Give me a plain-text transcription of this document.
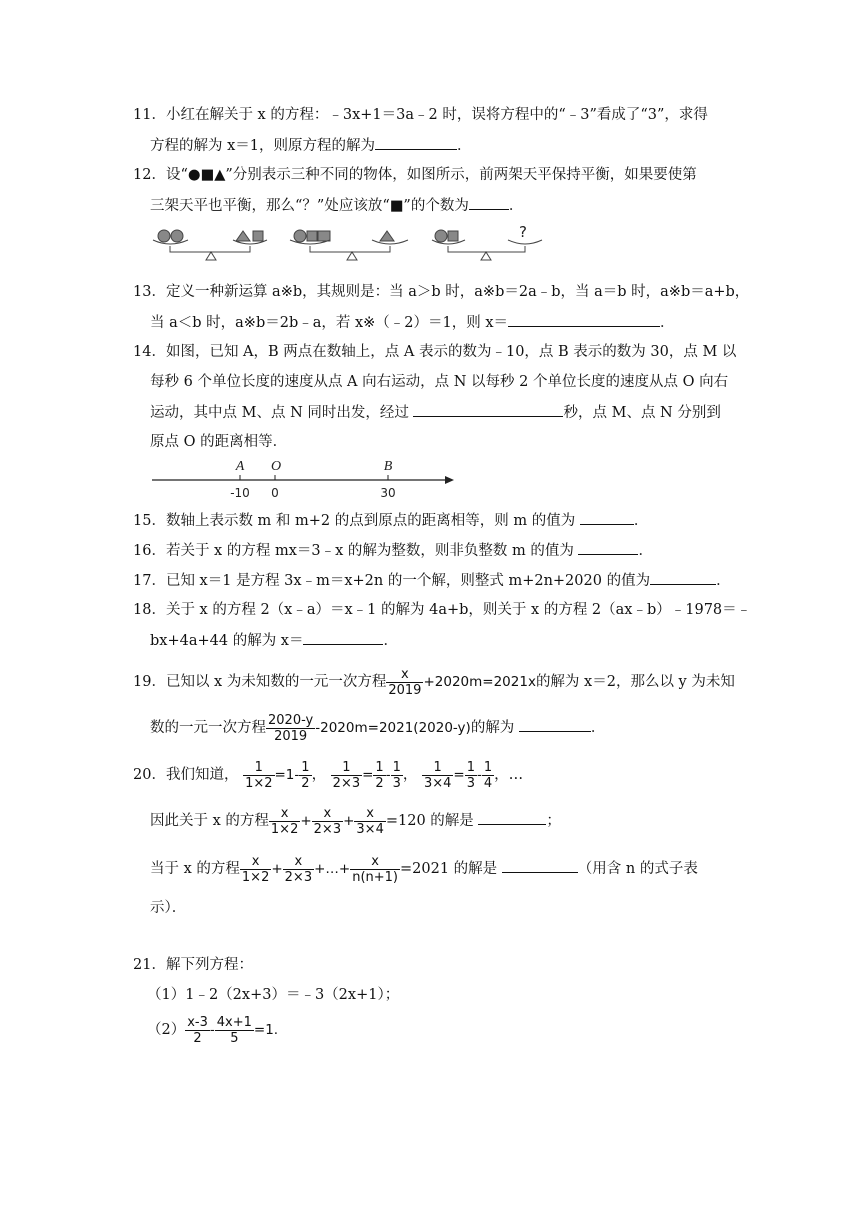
11．小红在解关于 x 的方程：﹣3x+1＝3a﹣2 时，误将方程中的“﹣3”看成了“3”，求得
方程的解为 x＝1，则原方程的解为	．
12．设“●■▲”分别表示三种不同的物体，如图所示，前两架天平保持平衡，如果要使第
三架天平也平衡，那么“？”处应该放“■”的个数为	．
?
13．定义一种新运算 a※b，其规则是：当 a＞b 时，a※b＝2a﹣b，当 a＝b 时，a※b＝a+b，
当 a＜b 时，a※b＝2b﹣a，若 x※（﹣2）＝1，则 x＝	．
14．如图，已知 A，B 两点在数轴上，点 A 表示的数为﹣10，点 B 表示的数为 30，点 M 以
每秒 6 个单位长度的速度从点 A 向右运动，点 N 以每秒 2 个单位长度的速度从点 O 向右
运动，其中点 M、点 N 同时出发，经过	秒，点 M、点 N 分别到
原点 O 的距离相等．
A O	B
-10 0	30
15．数轴上表示数 m 和 m+2 的点到原点的距离相等，则 m 的值为	．
16．若关于 x 的方程 mx＝3﹣x 的解为整数，则非负整数 m 的值为	．
17．已知 x＝1 是方程 3x﹣m＝x+2n 的一个解，则整式 m+2n+2020 的值为	．
18．关于 x 的方程 2（x﹣a）＝x﹣1 的解为 4a+b，则关于 x 的方程 2（ax﹣b）﹣1978＝﹣
bx+4a+44 的解为 x＝	．
19．已知以 x 为未知数的一元一次方程 $\frac{x}{2019} +2020m=2021x$的解为 x＝2，那么以 y 为未知
数的一元一次方程 $\frac{2020-y}{2019} -2020m=2021(2020-y)$的解为	．
20．我们知道， $\frac{1}{1\times 2} =1- \frac{1}{2}$ ， $\frac{1}{2\times 3} = \frac{1}{2} - \frac{1}{3}$ ， $\frac{1}{3\times 4} = \frac{1}{3} - \frac{1}{4}$ ，…
因此关于 x 的方程 $\frac{x}{1\times 2} + \frac{x}{2\times 3} + \frac{x}{3\times 4} =120$ 的解是	；
当于 x 的方程 $\frac{x}{1\times 2} + \frac{x}{2\times 3}$ +…+ $\frac{x}{n(n+1)} =2021$ 的解是	（用含 n 的式子表
示）．
21．解下列方程：
（1）1﹣2（2x+3）＝﹣3（2x+1）；
$(2) \frac{x-3}{2} - \frac{4x+1}{5} =1$.
